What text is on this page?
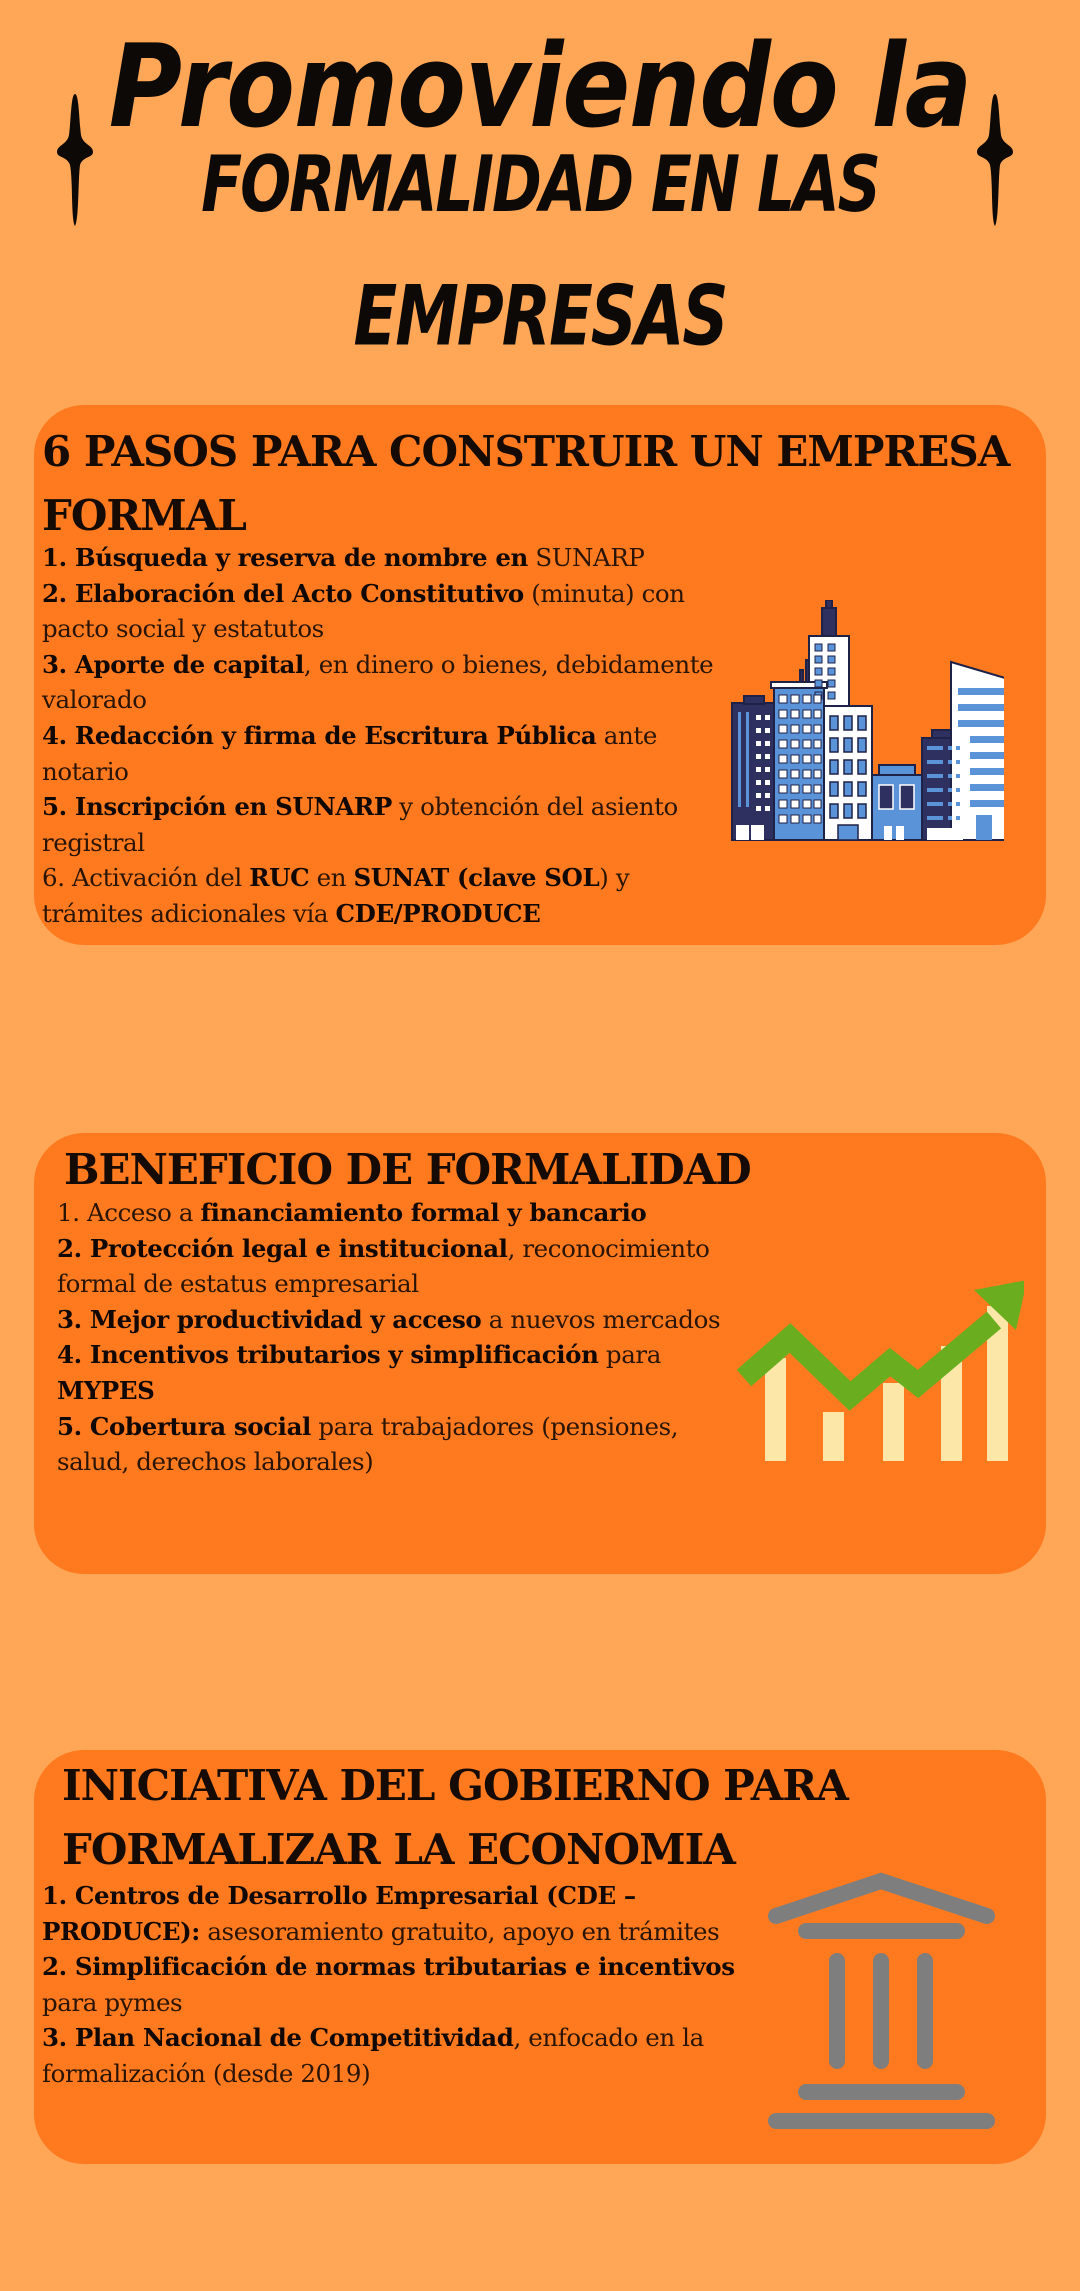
Promoviendo la
FORMALIDAD EN LAS
EMPRESAS
6 PASOS PARA CONSTRUIR UN EMPRESA FORMAL
1. Búsqueda y reserva de nombre en SUNARP
2. Elaboración del Acto Constitutivo (minuta) con pacto social y estatutos
3. Aporte de capital, en dinero o bienes, debidamente valorado
4. Redacción y firma de Escritura Pública ante notario
5. Inscripción en SUNARP y obtención del asiento registral
6. Activación del RUC en SUNAT (clave SOL) y trámites adicionales vía CDE/PRODUCE
BENEFICIO DE FORMALIDAD
1. Acceso a financiamiento formal y bancario
2. Protección legal e institucional, reconocimiento formal de estatus empresarial
3. Mejor productividad y acceso a nuevos mercados
4. Incentivos tributarios y simplificación para MYPES
5. Cobertura social para trabajadores (pensiones, salud, derechos laborales)
INICIATIVA DEL GOBIERNO PARA FORMALIZAR LA ECONOMIA
1. Centros de Desarrollo Empresarial (CDE – PRODUCE): asesoramiento gratuito, apoyo en trámites
2. Simplificación de normas tributarias e incentivos para pymes
3. Plan Nacional de Competitividad, enfocado en la formalización (desde 2019)
